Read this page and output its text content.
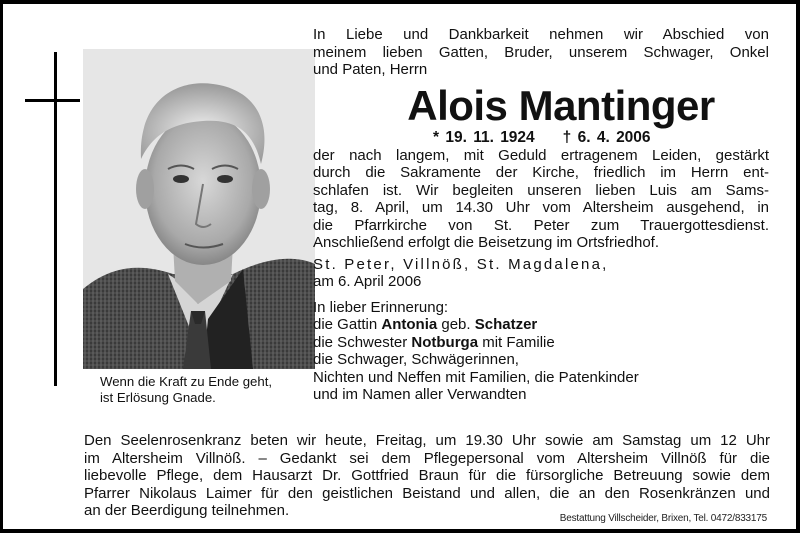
Wenn die Kraft zu Ende geht,
ist Erlösung Gnade.

In Liebe und Dankbarkeit nehmen wir Abschied von
meinem lieben Gatten, Bruder, unserem Schwager, Onkel
und Paten, Herrn

Alois Mantinger

* 19. 11. 1924 † 6. 4. 2006

der nach langem, mit Geduld ertragenem Leiden, gestärkt
durch die Sakramente der Kirche, friedlich im Herrn ent-
schlafen ist. Wir begleiten unseren lieben Luis am Sams-
tag, 8. April, um 14.30 Uhr vom Altersheim ausgehend, in
die Pfarrkirche von St. Peter zum Trauergottesdienst.
Anschließend erfolgt die Beisetzung im Ortsfriedhof.

St. Peter, Villnöß, St. Magdalena,

am 6. April 2006

In lieber Erinnerung:

die Gattin Antonia geb. Schatzer

die Schwester Notburga mit Familie

die Schwager, Schwägerinnen,

Nichten und Neffen mit Familien, die Patenkinder

und im Namen aller Verwandten

Den Seelenrosenkranz beten wir heute, Freitag, um 19.30 Uhr sowie am Samstag um 12 Uhr
im Altersheim Villnöß. – Gedankt sei dem Pflegepersonal vom Altersheim Villnöß für die
liebevolle Pflege, dem Hausarzt Dr. Gottfried Braun für die fürsorgliche Betreuung sowie dem
Pfarrer Nikolaus Laimer für den geistlichen Beistand und allen, die an den Rosenkränzen und
an der Beerdigung teilnehmen.	Bestattung Villscheider, Brixen, Tel. 0472/833175
